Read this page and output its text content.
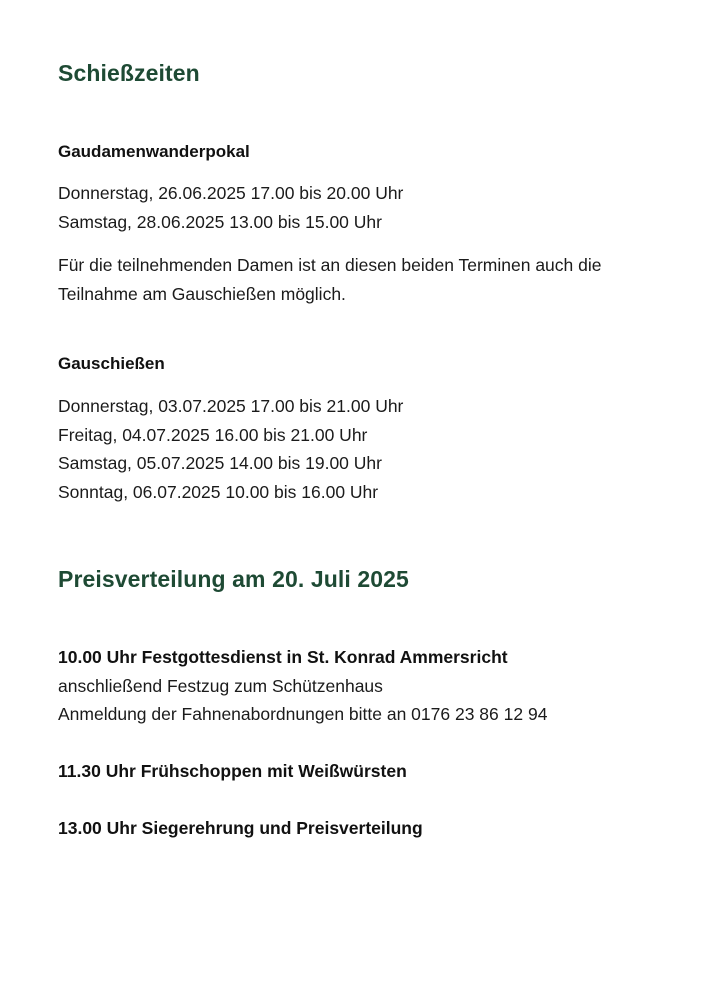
Schießzeiten
Gaudamenwanderpokal

Donnerstag, 26.06.2025 17.00 bis 20.00 Uhr

Samstag, 28.06.2025 13.00 bis 15.00 Uhr

Für die teilnehmenden Damen ist an diesen beiden Terminen auch die Teilnahme am Gauschießen möglich.

Gauschießen

Donnerstag, 03.07.2025 17.00 bis 21.00 Uhr

Freitag, 04.07.2025 16.00 bis 21.00 Uhr

Samstag, 05.07.2025 14.00 bis 19.00 Uhr

Sonntag, 06.07.2025 10.00 bis 16.00 Uhr

Preisverteilung am 20. Juli 2025

10.00 Uhr Festgottesdienst in St. Konrad Ammersricht

anschließend Festzug zum Schützenhaus

Anmeldung der Fahnenabordnungen bitte an 0176 23 86 12 94

11.30 Uhr Frühschoppen mit Weißwürsten

13.00 Uhr Siegerehrung und Preisverteilung
